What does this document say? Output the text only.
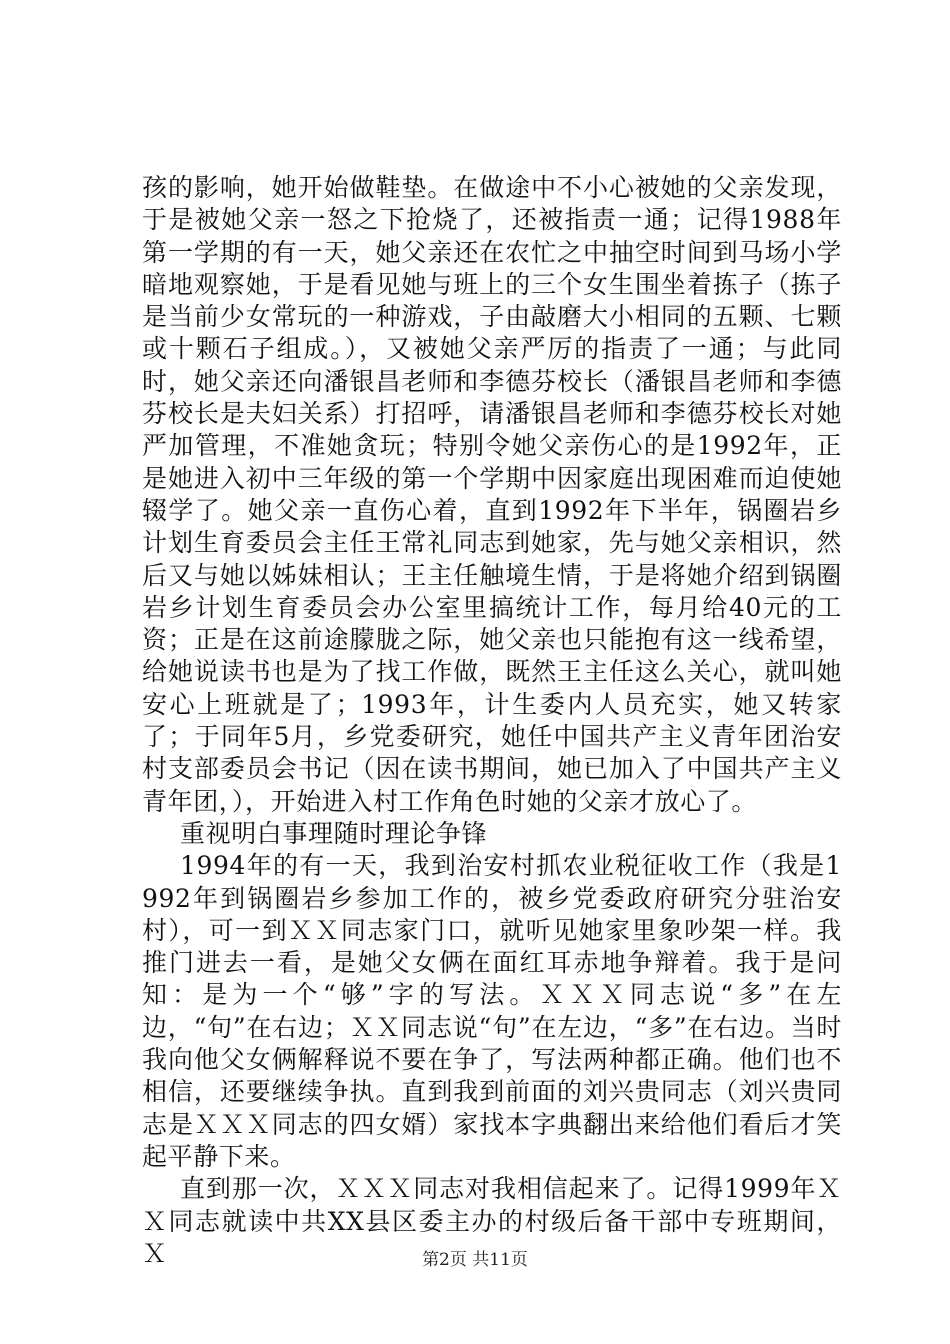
孩的影响，她开始做鞋垫。在做途中不小心被她的父亲发现，于是被她父亲一怒之下抢烧了，还被指责一通；记得1988年第一学期的有一天，她父亲还在农忙之中抽空时间到马场小学暗地观察她，于是看见她与班上的三个女生围坐着拣子（拣子是当前少女常玩的一种游戏，子由敲磨大小相同的五颗、七颗或十颗石子组成。），又被她父亲严厉的指责了一通；与此同时，她父亲还向潘银昌老师和李德芬校长（潘银昌老师和李德芬校长是夫妇关系）打招呼，请潘银昌老师和李德芬校长对她严加管理，不准她贪玩；特别令她父亲伤心的是1992年，正是她进入初中三年级的第一个学期中因家庭出现困难而迫使她辍学了。她父亲一直伤心着，直到1992年下半年，锅圈岩乡计划生育委员会主任王常礼同志到她家，先与她父亲相识，然后又与她以姊妹相认；王主任触境生情，于是将她介绍到锅圈岩乡计划生育委员会办公室里搞统计工作，每月给40元的工资；正是在这前途朦胧之际，她父亲也只能抱有这一线希望，给她说读书也是为了找工作做，既然王主任这么关心，就叫她安心上班就是了；1993年，计生委内人员充实，她又转家了；于同年5月，乡党委研究，她任中国共产主义青年团治安村支部委员会书记（因在读书期间，她已加入了中国共产主义青年团，），开始进入村工作角色时她的父亲才放心了。

重视明白事理随时理论争锋

1994年的有一天，我到治安村抓农业税征收工作（我是1992年到锅圈岩乡参加工作的，被乡党委政府研究分驻治安村），可一到ＸＸ同志家门口，就听见她家里象吵架一样。我推门进去一看，是她父女俩在面红耳赤地争辩着。我于是问知：是为一个“够”字的写法。ＸＸＸ同志说“多”在左边，“句”在右边；ＸＸ同志说“句”在左边，“多”在右边。当时我向他父女俩解释说不要在争了，写法两种都正确。他们也不相信，还要继续争执。直到我到前面的刘兴贵同志（刘兴贵同志是ＸＸＸ同志的四女婿）家找本字典翻出来给他们看后才笑起平静下来。

直到那一次，ＸＸＸ同志对我相信起来了。记得1999年ＸＸ同志就读中共XX县区委主办的村级后备干部中专班期间，Ｘ	第2页 共11页
